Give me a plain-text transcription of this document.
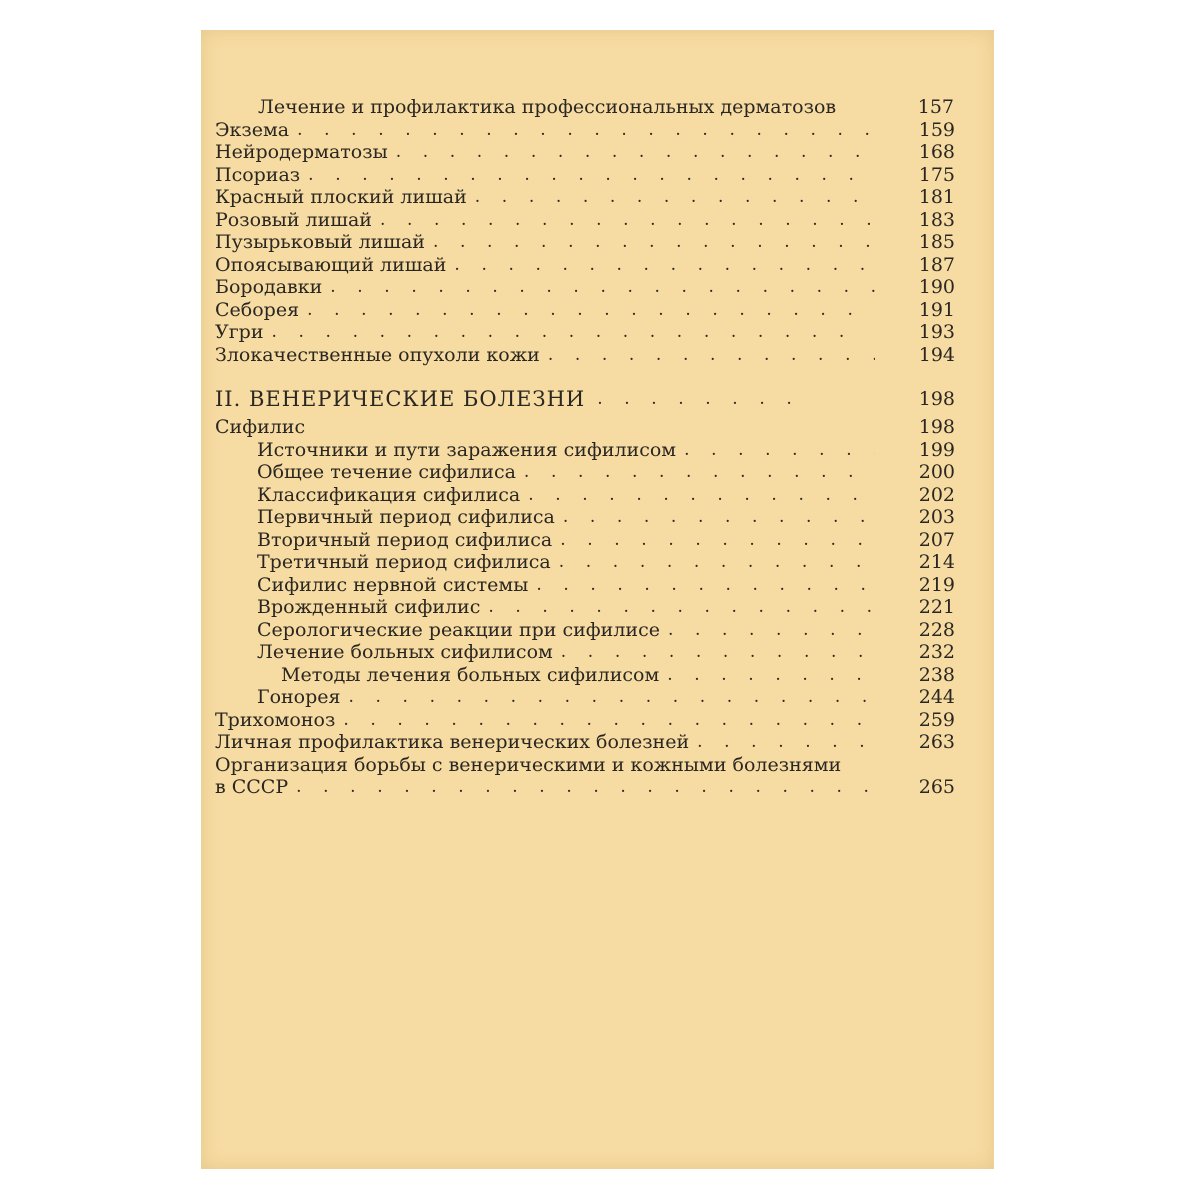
Лечение и профилактика профессиональных дерматозов	157
Экзема .	159
Нейродерматозы .	168
Псориаз .	175
Красный плоский лишай .	181
Розовый лишай .	183
Пузырьковый лишай .	185
Опоясывающий лишай .	187
Бородавки .	190
Себорея .	191
Угри .	193
Злокачественные опухоли кожи .	194
II. ВЕНЕРИЧЕСКИЕ БОЛЕЗНИ .	198
Сифилис	198
Источники и пути заражения сифилисом .	199
Общее течение сифилиса .	200
Классификация сифилиса .	202
Первичный период сифилиса .	203
Вторичный период сифилиса .	207
Третичный период сифилиса .	214
Сифилис нервной системы .	219
Врожденный сифилис .	221
Серологические реакции при сифилисе .	228
Лечение больных сифилисом .	232
Методы лечения больных сифилисом .	238
Гонорея .	244
Трихомоноз .	259
Личная профилактика венерических болезней .	263
Организация борьбы с венерическими и кожными болезнями
в СССР .	265
